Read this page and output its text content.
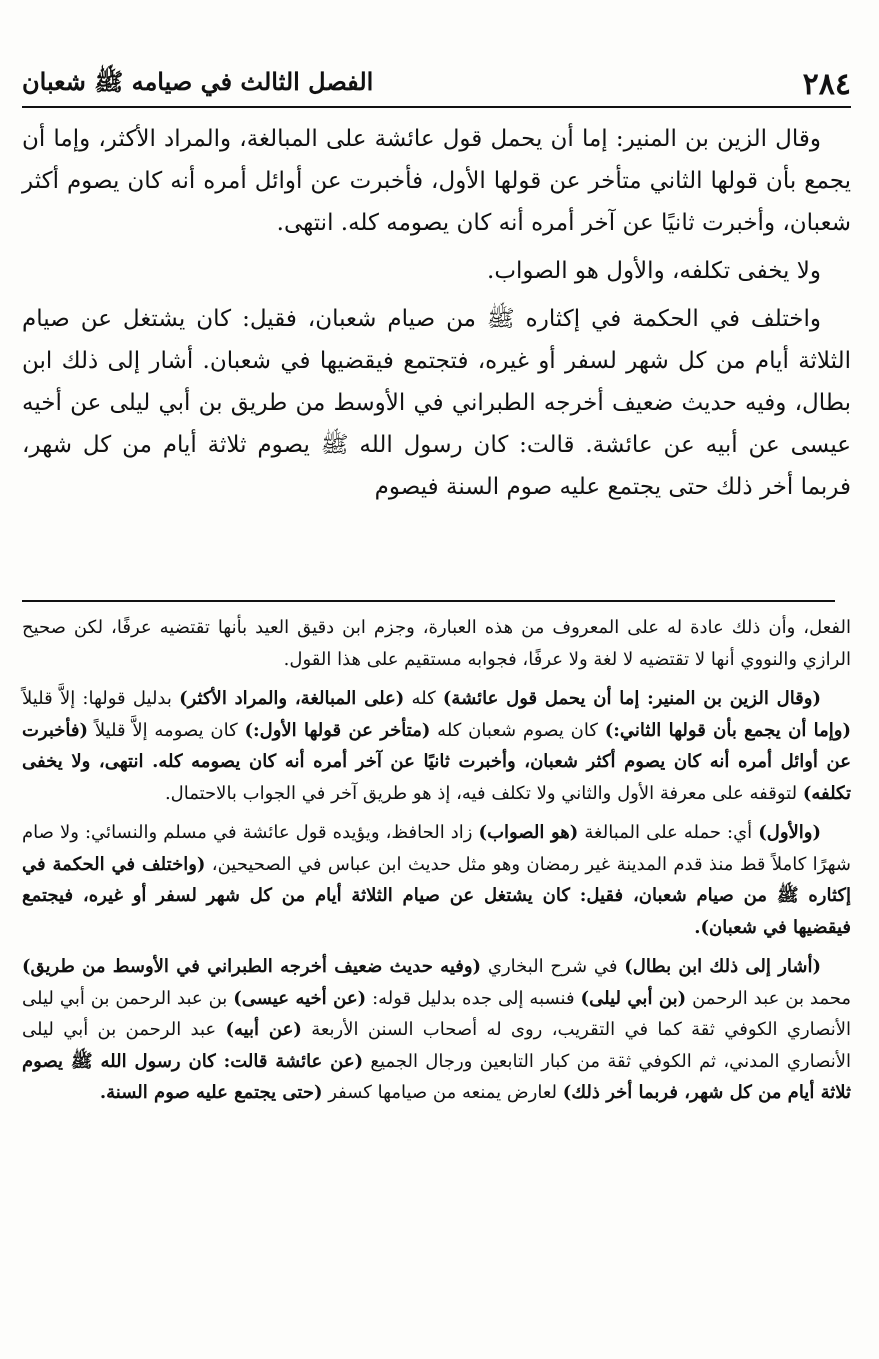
٢٨٤
الفصل الثالث في صيامه ﷺ شعبان

وقال الزين بن المنير: إما أن يحمل قول عائشة على المبالغة، والمراد الأكثر، وإما أن يجمع بأن قولها الثاني متأخر عن قولها الأول، فأخبرت عن أوائل أمره أنه كان يصوم أكثر شعبان، وأخبرت ثانيًا عن آخر أمره أنه كان يصومه كله. انتهى.

ولا يخفى تكلفه، والأول هو الصواب.

واختلف في الحكمة في إكثاره ﷺ من صيام شعبان، فقيل: كان يشتغل عن صيام الثلاثة أيام من كل شهر لسفر أو غيره، فتجتمع فيقضيها في شعبان. أشار إلى ذلك ابن بطال، وفيه حديث ضعيف أخرجه الطبراني في الأوسط من طريق بن أبي ليلى عن أخيه عيسى عن أبيه عن عائشة. قالت: كان رسول الله ﷺ يصوم ثلاثة أيام من كل شهر، فربما أخر ذلك حتى يجتمع عليه صوم السنة فيصوم

الفعل، وأن ذلك عادة له على المعروف من هذه العبارة، وجزم ابن دقيق العيد بأنها تقتضيه عرفًا، لكن صحيح الرازي والنووي أنها لا تقتضيه لا لغة ولا عرفًا، فجوابه مستقيم على هذا القول.

(وقال الزين بن المنير: إما أن يحمل قول عائشة) كله (على المبالغة، والمراد الأكثر) بدليل قولها: إلاَّ قليلاً (وإما أن يجمع بأن قولها الثاني:) كان يصوم شعبان كله (متأخر عن قولها الأول:) كان يصومه إلاَّ قليلاً (فأخبرت عن أوائل أمره أنه كان يصوم أكثر شعبان، وأخبرت ثانيًا عن آخر أمره أنه كان يصومه كله. انتهى، ولا يخفى تكلفه) لتوقفه على معرفة الأول والثاني ولا تكلف فيه، إذ هو طريق آخر في الجواب بالاحتمال.

(والأول) أي: حمله على المبالغة (هو الصواب) زاد الحافظ، ويؤيده قول عائشة في مسلم والنسائي: ولا صام شهرًا كاملاً قط منذ قدم المدينة غير رمضان وهو مثل حديث ابن عباس في الصحيحين، (واختلف في الحكمة في إكثاره ﷺ من صيام شعبان، فقيل: كان يشتغل عن صيام الثلاثة أيام من كل شهر لسفر أو غيره، فيجتمع فيقضيها في شعبان).

(أشار إلى ذلك ابن بطال) في شرح البخاري (وفيه حديث ضعيف أخرجه الطبراني في الأوسط من طريق) محمد بن عبد الرحمن (بن أبي ليلى) فنسبه إلى جده بدليل قوله: (عن أخيه عيسى) بن عبد الرحمن بن أبي ليلى الأنصاري الكوفي ثقة كما في التقريب، روى له أصحاب السنن الأربعة (عن أبيه) عبد الرحمن بن أبي ليلى الأنصاري المدني، ثم الكوفي ثقة من كبار التابعين ورجال الجميع (عن عائشة قالت: كان رسول الله ﷺ يصوم ثلاثة أيام من كل شهر، فربما أخر ذلك) لعارض يمنعه من صيامها كسفر (حتى يجتمع عليه صوم السنة.
